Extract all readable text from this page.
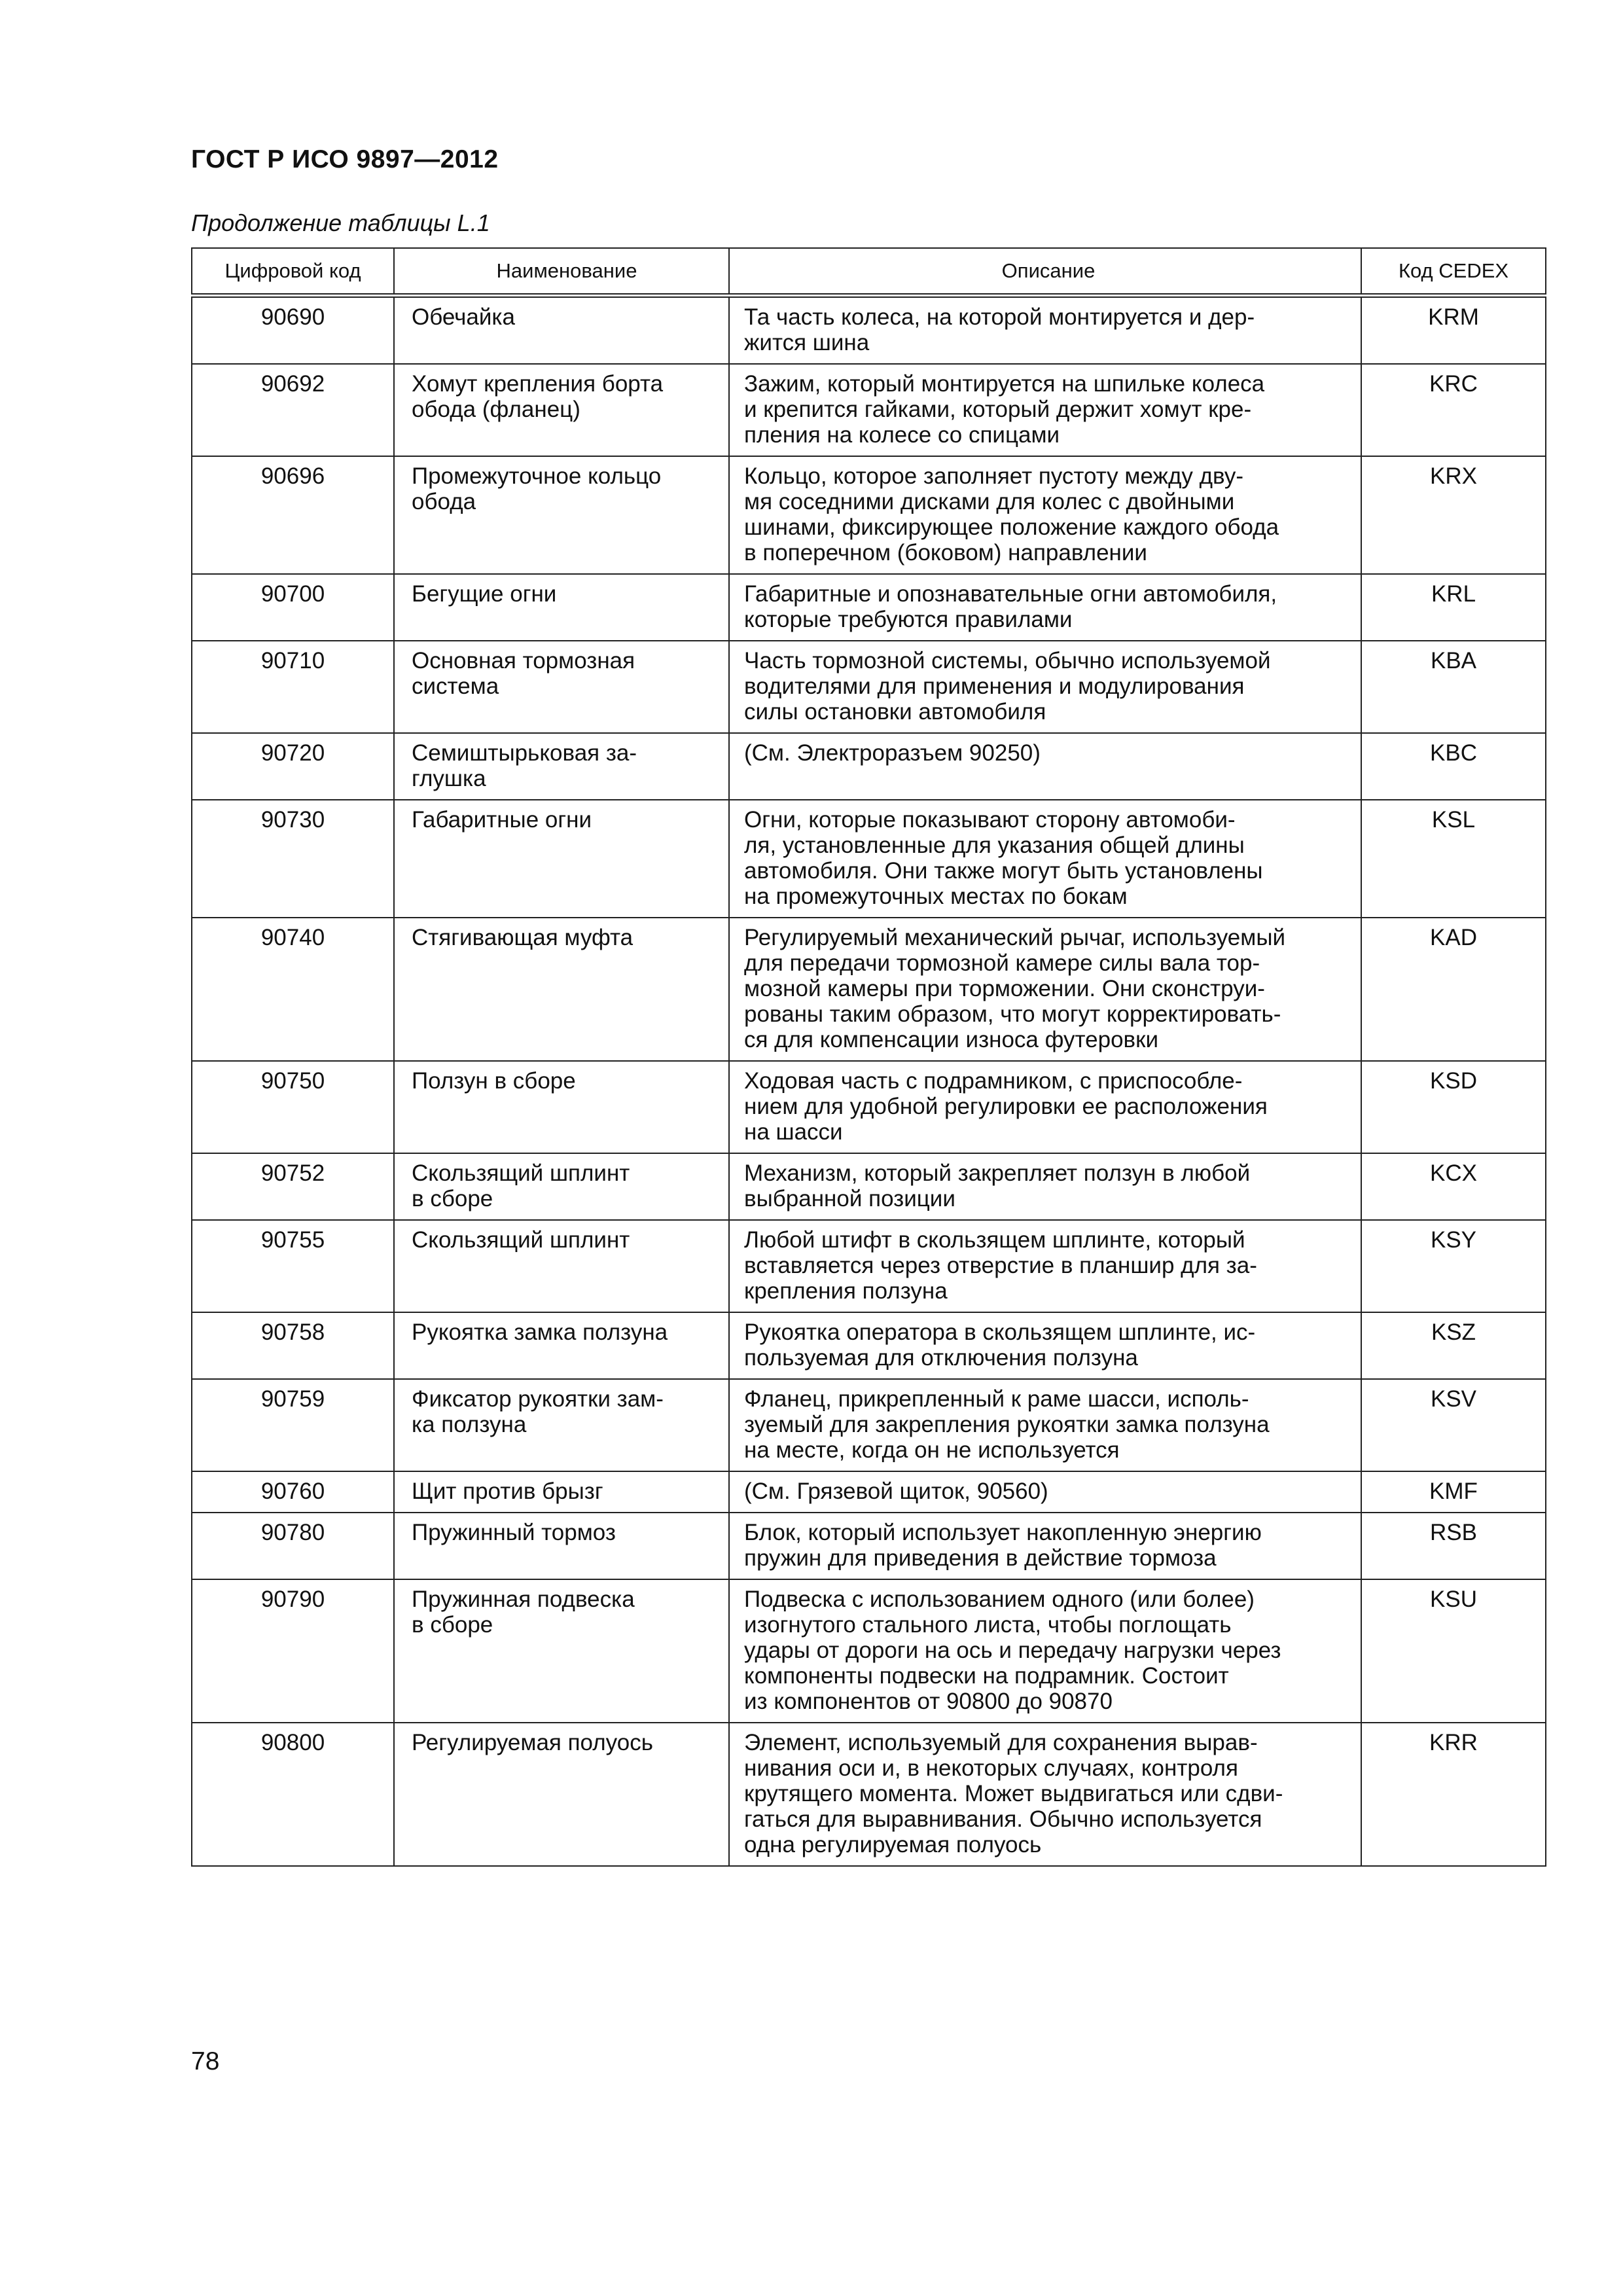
ГОСТ Р ИСО 9897—2012
Продолжение таблицы L.1
Цифровой код	Наименование	Описание	Код CEDEX
90690	Обечайка	Та часть колеса, на которой монтируется и дер-
жится шина	KRM
90692	Хомут крепления борта
обода (фланец)	Зажим, который монтируется на шпильке колеса
и крепится гайками, который держит хомут кре-
пления на колесе со спицами	KRC
90696	Промежуточное кольцо
обода	Кольцо, которое заполняет пустоту между дву-
мя соседними дисками для колес с двойными
шинами, фиксирующее положение каждого обода
в поперечном (боковом) направлении	KRX
90700	Бегущие огни	Габаритные и опознавательные огни автомобиля,
которые требуются правилами	KRL
90710	Основная тормозная
система	Часть тормозной системы, обычно используемой
водителями для применения и модулирования
силы остановки автомобиля	KBA
90720	Семиштырьковая за-
глушка	(См. Электроразъем 90250)	KBC
90730	Габаритные огни	Огни, которые показывают сторону автомоби-
ля, установленные для указания общей длины
автомобиля. Они также могут быть установлены
на промежуточных местах по бокам	KSL
90740	Стягивающая муфта	Регулируемый механический рычаг, используемый
для передачи тормозной камере силы вала тор-
мозной камеры при торможении. Они сконструи-
рованы таким образом, что могут корректировать-
ся для компенсации износа футеровки	KAD
90750	Ползун в сборе	Ходовая часть с подрамником, с приспособле-
нием для удобной регулировки ее расположения
на шасси	KSD
90752	Скользящий шплинт
в сборе	Механизм, который закрепляет ползун в любой
выбранной позиции	KCX
90755	Скользящий шплинт	Любой штифт в скользящем шплинте, который
вставляется через отверстие в планшир для за-
крепления ползуна	KSY
90758	Рукоятка замка ползуна	Рукоятка оператора в скользящем шплинте, ис-
пользуемая для отключения ползуна	KSZ
90759	Фиксатор рукоятки зам-
ка ползуна	Фланец, прикрепленный к раме шасси, исполь-
зуемый для закрепления рукоятки замка ползуна
на месте, когда он не используется	KSV
90760	Щит против брызг	(См. Грязевой щиток, 90560)	KMF
90780	Пружинный тормоз	Блок, который использует накопленную энергию
пружин для приведения в действие тормоза	RSB
90790	Пружинная подвеска
в сборе	Подвеска с использованием одного (или более)
изогнутого стального листа, чтобы поглощать
удары от дороги на ось и передачу нагрузки через
компоненты подвески на подрамник. Состоит
из компонентов от 90800 до 90870	KSU
90800	Регулируемая полуось	Элемент, используемый для сохранения вырав-
нивания оси и, в некоторых случаях, контроля
крутящего момента. Может выдвигаться или сдви-
гаться для выравнивания. Обычно используется
одна регулируемая полуось	KRR
78
